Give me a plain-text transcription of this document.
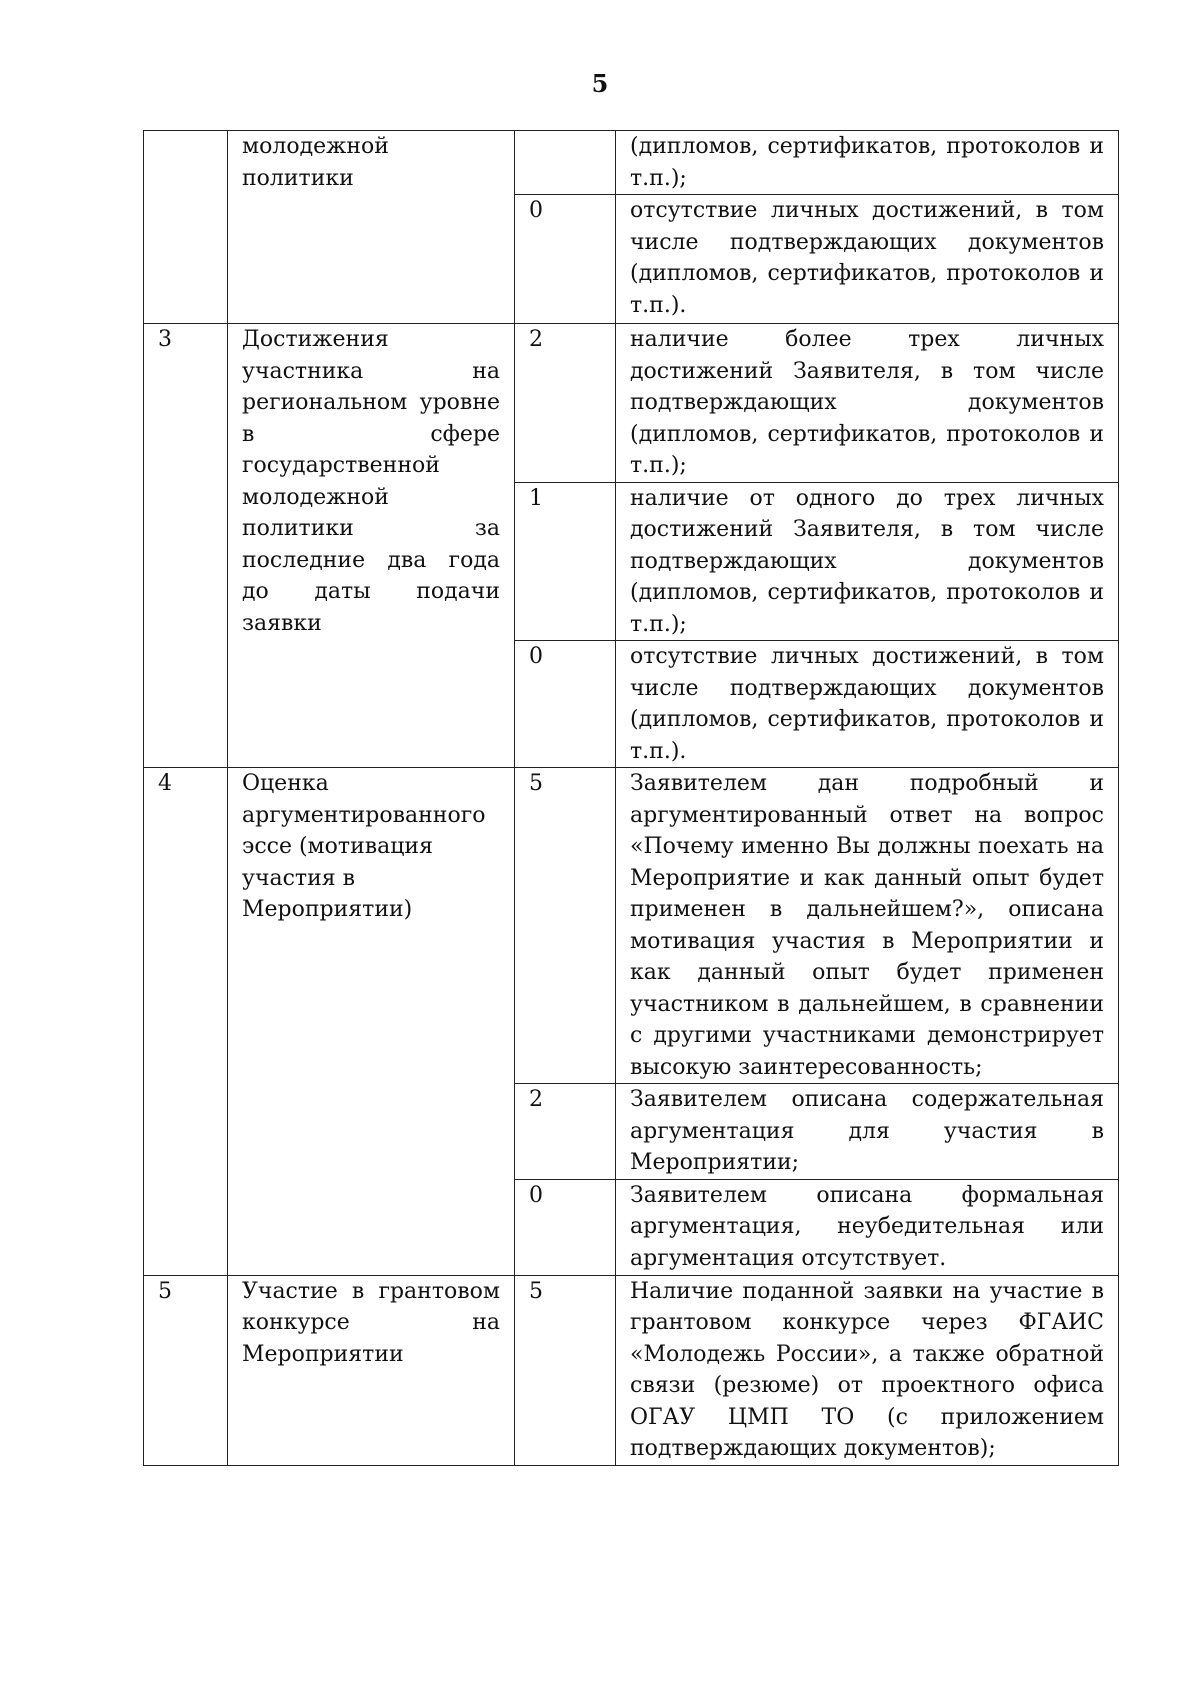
5
	молодежной политики		(дипломов, сертификатов, протоколов и т.п.);
		0	отсутствие личных достижений, в том числе подтверждающих документов (дипломов, сертификатов, протоколов и т.п.).
3	Достижения участника на региональном уровне в сфере государственной молодежной политики за последние два года до даты подачи заявки	2	наличие более трех личных достижений Заявителя, в том числе подтверждающих документов (дипломов, сертификатов, протоколов и т.п.);
		1	наличие от одного до трех личных достижений Заявителя, в том числе подтверждающих документов (дипломов, сертификатов, протоколов и т.п.);
		0	отсутствие личных достижений, в том числе подтверждающих документов (дипломов, сертификатов, протоколов и т.п.).
4	Оценка аргументированного эссе (мотивация участия в Мероприятии)	5	Заявителем дан подробный и аргументированный ответ на вопрос «Почему именно Вы должны поехать на Мероприятие и как данный опыт будет применен в дальнейшем?», описана мотивация участия в Мероприятии и как данный опыт будет применен участником в дальнейшем, в сравнении с другими участниками демонстрирует высокую заинтересованность;
		2	Заявителем описана содержательная аргументация для участия в Мероприятии;
		0	Заявителем описана формальная аргументация, неубедительная или аргументация отсутствует.
5	Участие в грантовом конкурсе на Мероприятии	5	Наличие поданной заявки на участие в грантовом конкурсе через ФГАИС «Молодежь России», а также обратной связи (резюме) от проектного офиса ОГАУ ЦМП ТО (с приложением подтверждающих документов);
